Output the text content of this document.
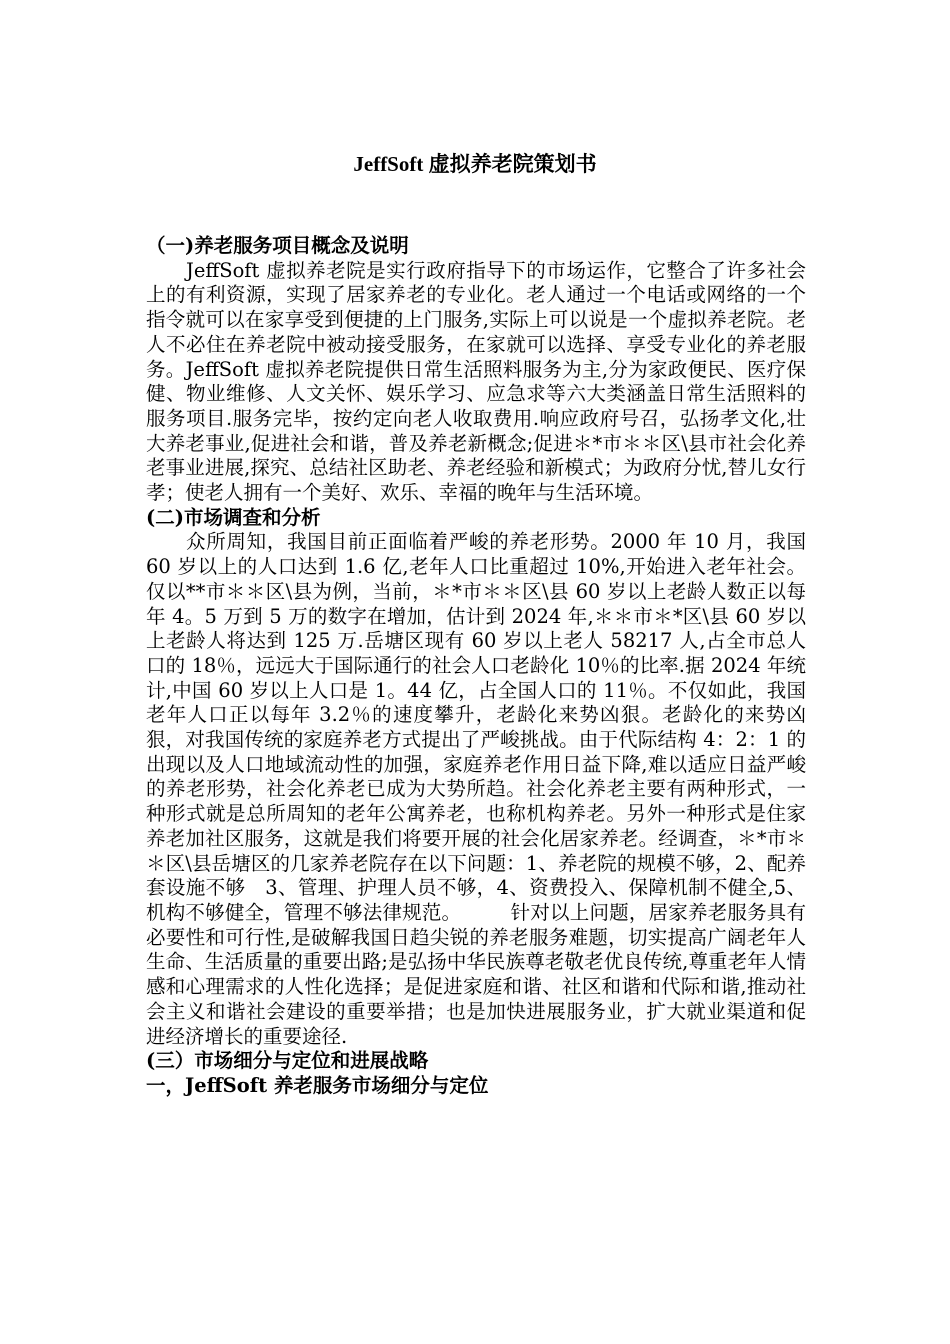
JeffSoft 虚拟养老院策划书

（一)养老服务项目概念及说明

JeffSoft 虚拟养老院是实行政府指导下的市场运作，它整合了许多社会上的有利资源，实现了居家养老的专业化。老人通过一个电话或网络的一个指令就可以在家享受到便捷的上门服务,实际上可以说是一个虚拟养老院。老人不必住在养老院中被动接受服务，在家就可以选择、享受专业化的养老服务。JeffSoft 虚拟养老院提供日常生活照料服务为主,分为家政便民、医疗保健、物业维修、人文关怀、娱乐学习、应急求等六大类涵盖日常生活照料的服务项目.服务完毕，按约定向老人收取费用.响应政府号召，弘扬孝文化,壮大养老事业,促进社会和谐，普及养老新概念;促进＊*市＊＊区\县市社会化养老事业进展,探究、总结社区助老、养老经验和新模式；为政府分忧,替儿女行孝；使老人拥有一个美好、欢乐、幸福的晚年与生活环境。

(二)市场调查和分析

众所周知，我国目前正面临着严峻的养老形势。2000 年 10 月，我国 60 岁以上的人口达到 1.6 亿,老年人口比重超过 10%,开始进入老年社会。仅以**市＊＊区\县为例，当前，＊*市＊＊区\县 60 岁以上老龄人数正以每年 4。5 万到 5 万的数字在增加，估计到 2024 年,＊＊市＊*区\县 60 岁以上老龄人将达到 125 万.岳塘区现有 60 岁以上老人 58217 人,占全市总人口的 18％，远远大于国际通行的社会人口老龄化 10％的比率.据 2024 年统计,中国 60 岁以上人口是 1。44 亿，占全国人口的 11％。不仅如此，我国老年人口正以每年 3.2％的速度攀升，老龄化来势凶狠。老龄化的来势凶狠，对我国传统的家庭养老方式提出了严峻挑战。由于代际结构 4：2：1 的出现以及人口地域流动性的加强，家庭养老作用日益下降,难以适应日益严峻的养老形势，社会化养老已成为大势所趋。社会化养老主要有两种形式，一种形式就是总所周知的老年公寓养老，也称机构养老。另外一种形式是住家养老加社区服务，这就是我们将要开展的社会化居家养老。经调查，＊*市＊＊区\县岳塘区的几家养老院存在以下问题：1、养老院的规模不够，2、配养套设施不够　3、管理、护理人员不够，4、资费投入、保障机制不健全,5、机构不够健全，管理不够法律规范。　　　针对以上问题，居家养老服务具有必要性和可行性,是破解我国日趋尖锐的养老服务难题，切实提高广阔老年人生命、生活质量的重要出路;是弘扬中华民族尊老敬老优良传统,尊重老年人情感和心理需求的人性化选择；是促进家庭和谐、社区和谐和代际和谐,推动社会主义和谐社会建设的重要举措；也是加快进展服务业，扩大就业渠道和促进经济增长的重要途径.

(三）市场细分与定位和进展战略

一，JeffSoft 养老服务市场细分与定位
